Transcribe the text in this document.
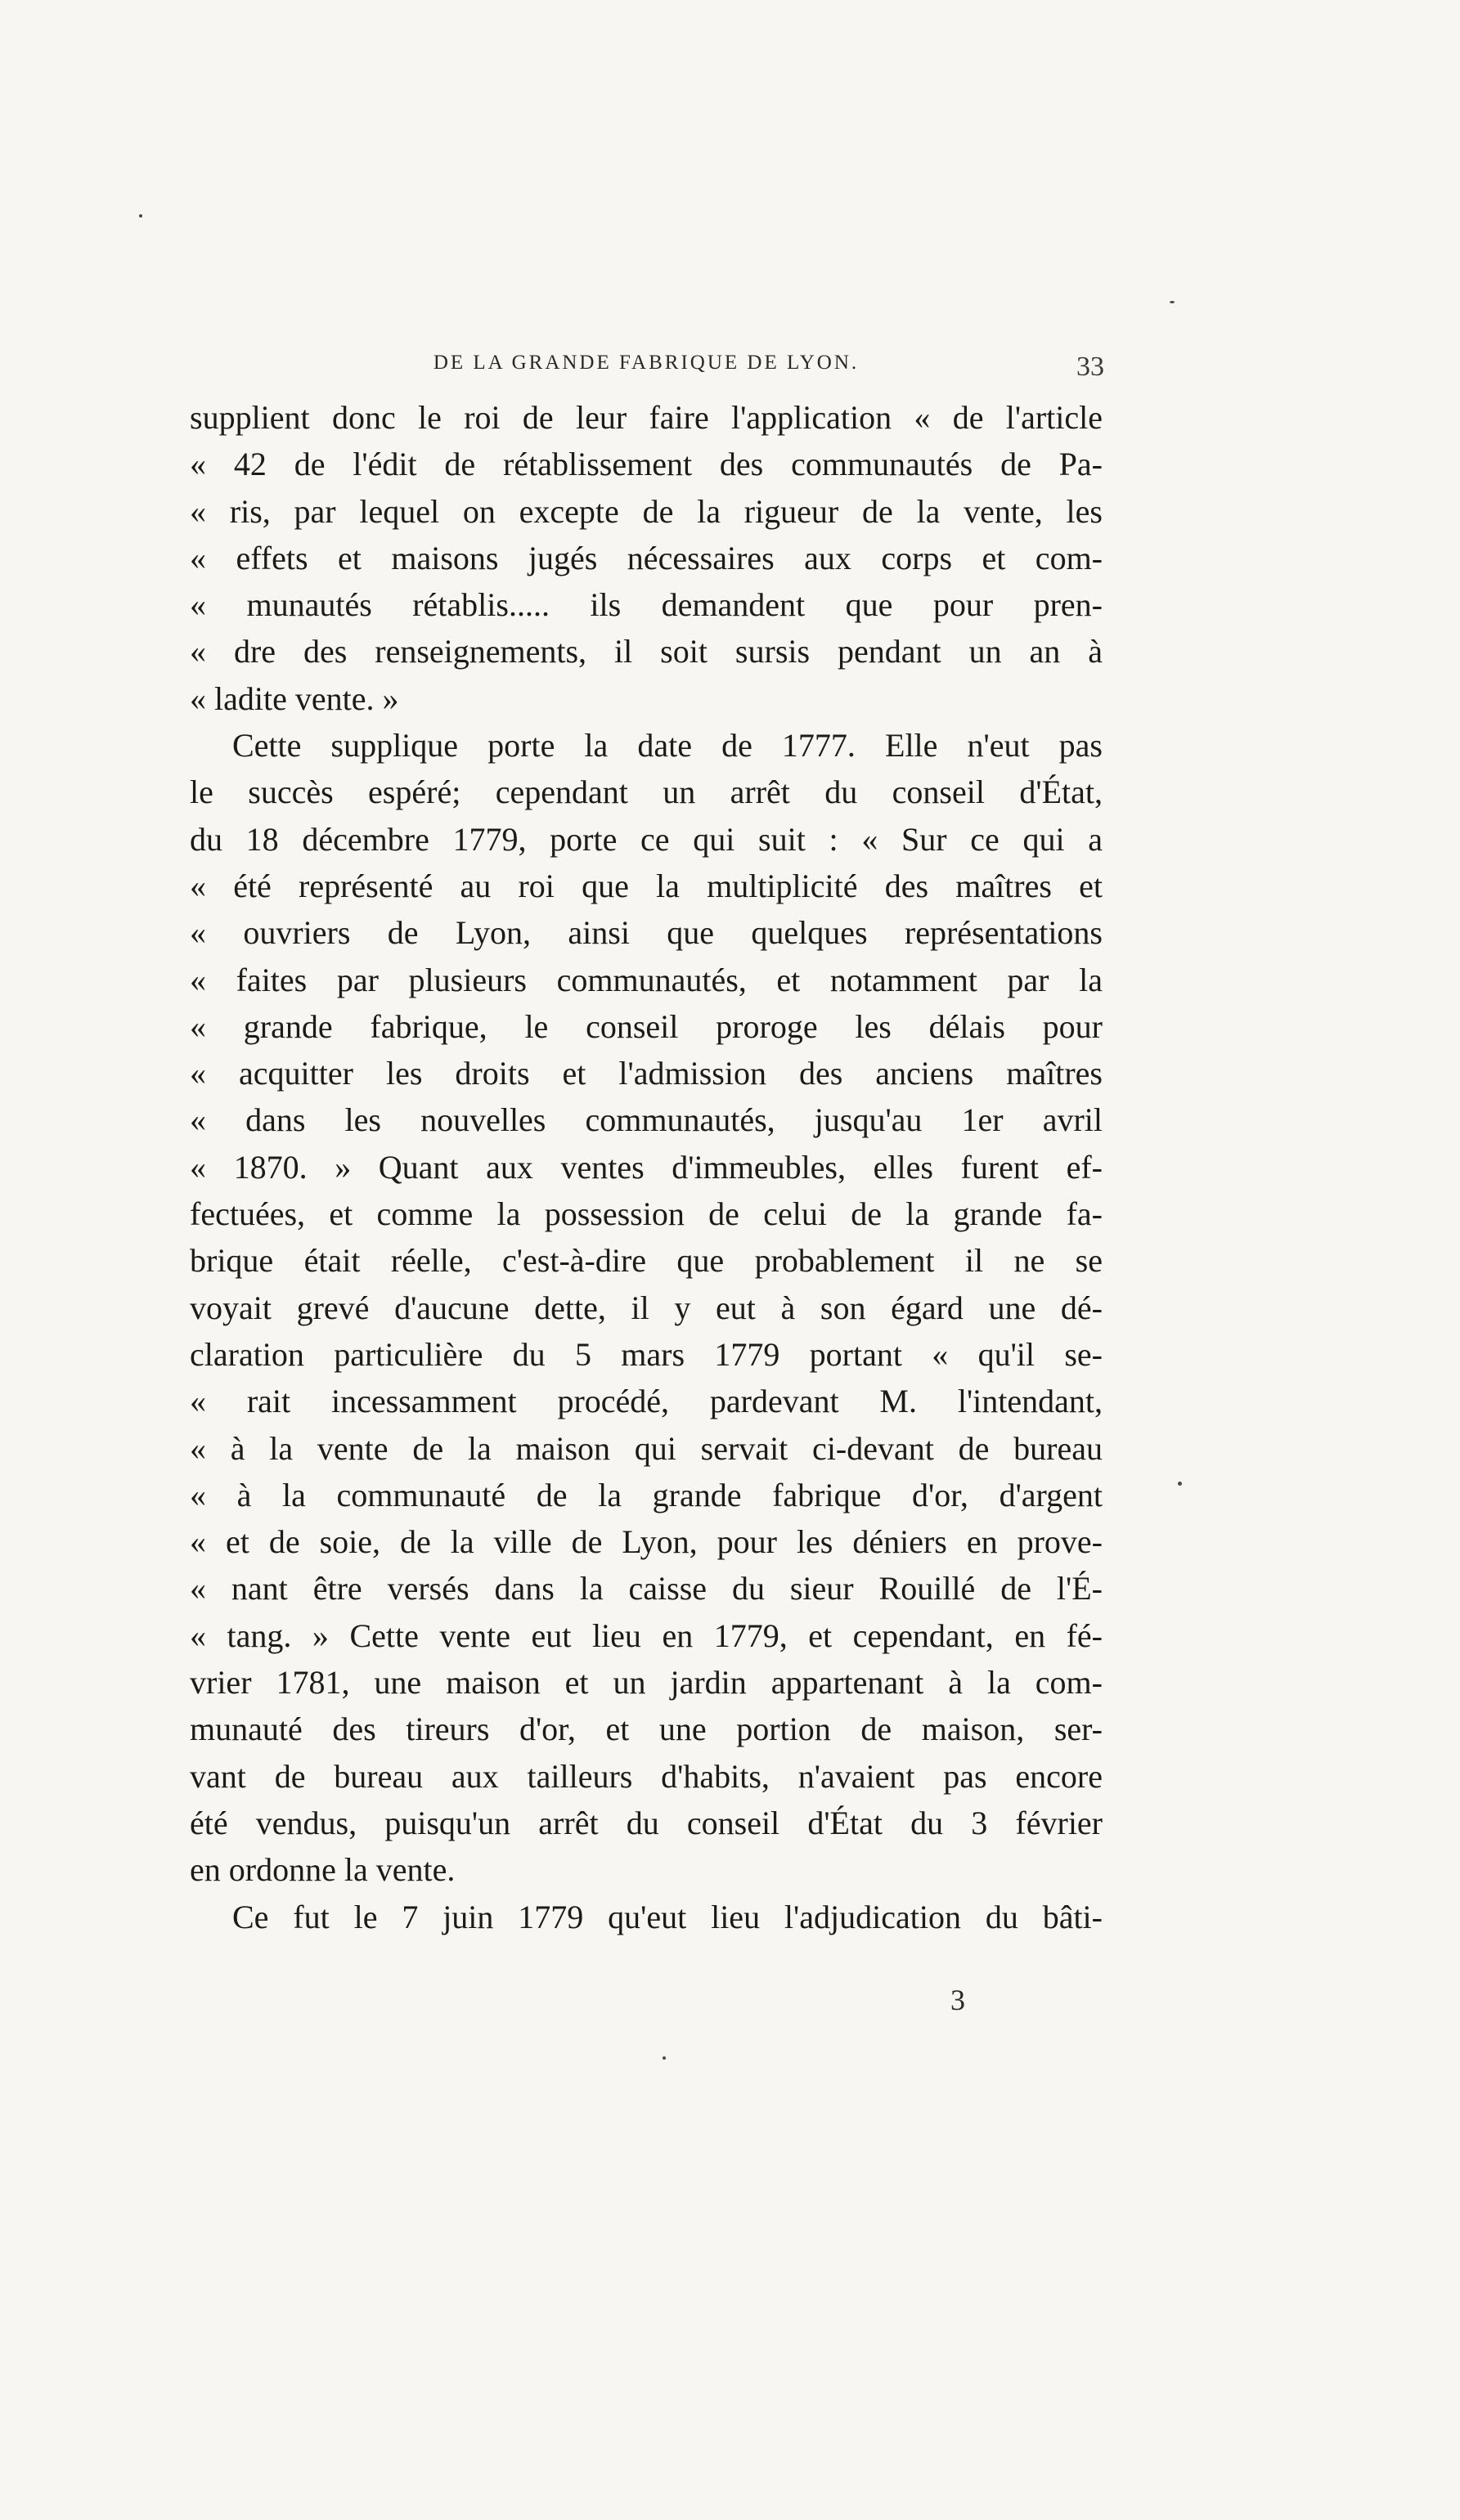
DE LA GRANDE FABRIQUE DE LYON.	33
supplient donc le roi de leur faire l'application « de l'article
« 42 de l'édit de rétablissement des communautés de Pa-
« ris, par lequel on excepte de la rigueur de la vente, les
« effets et maisons jugés nécessaires aux corps et com-
« munautés rétablis..... ils demandent que pour pren-
« dre des renseignements, il soit sursis pendant un an à
« ladite vente. »
Cette supplique porte la date de 1777. Elle n'eut pas
le succès espéré; cependant un arrêt du conseil d'État,
du 18 décembre 1779, porte ce qui suit : « Sur ce qui a
« été représenté au roi que la multiplicité des maîtres et
« ouvriers de Lyon, ainsi que quelques représentations
« faites par plusieurs communautés, et notamment par la
« grande fabrique, le conseil proroge les délais pour
« acquitter les droits et l'admission des anciens maîtres
« dans les nouvelles communautés, jusqu'au 1er avril
« 1870. » Quant aux ventes d'immeubles, elles furent ef-
fectuées, et comme la possession de celui de la grande fa-
brique était réelle, c'est-à-dire que probablement il ne se
voyait grevé d'aucune dette, il y eut à son égard une dé-
claration particulière du 5 mars 1779 portant « qu'il se-
« rait incessamment procédé, pardevant M. l'intendant,
« à la vente de la maison qui servait ci-devant de bureau
« à la communauté de la grande fabrique d'or, d'argent
« et de soie, de la ville de Lyon, pour les déniers en prove-
« nant être versés dans la caisse du sieur Rouillé de l'É-
« tang. » Cette vente eut lieu en 1779, et cependant, en fé-
vrier 1781, une maison et un jardin appartenant à la com-
munauté des tireurs d'or, et une portion de maison, ser-
vant de bureau aux tailleurs d'habits, n'avaient pas encore
été vendus, puisqu'un arrêt du conseil d'État du 3 février
en ordonne la vente.
Ce fut le 7 juin 1779 qu'eut lieu l'adjudication du bâti-
3
